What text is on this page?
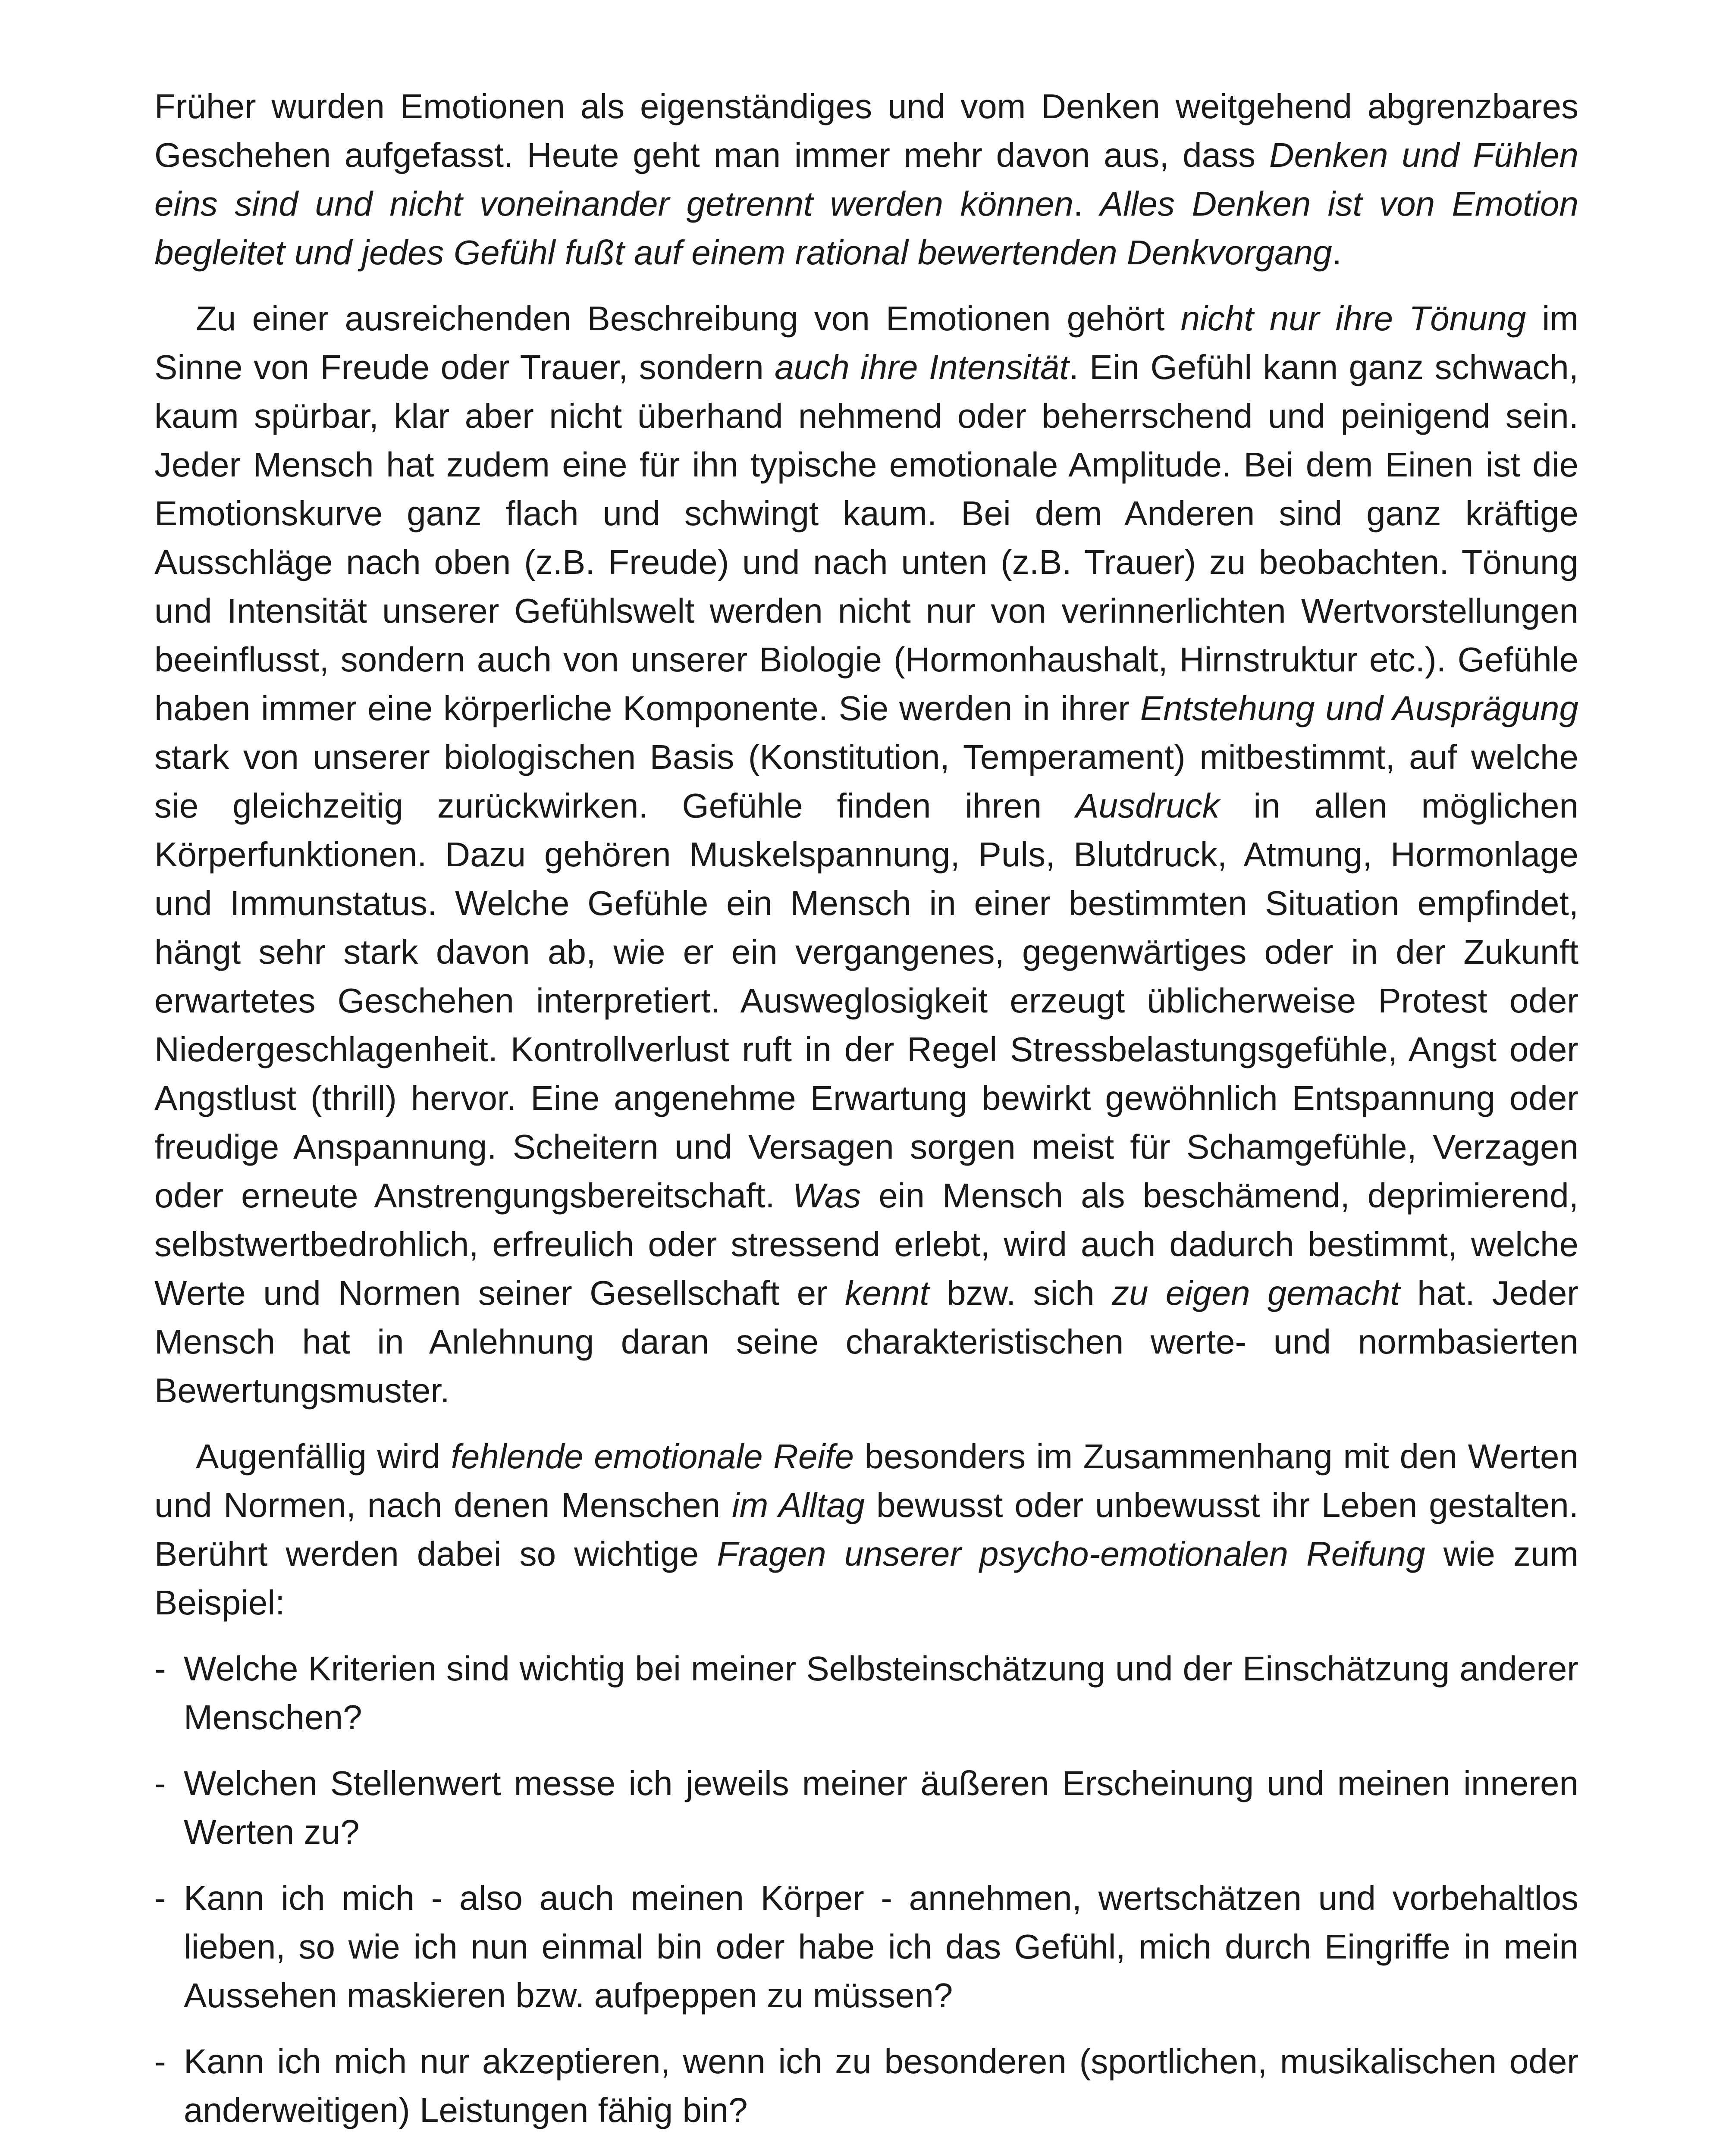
Früher wurden Emotionen als eigenständiges und vom Denken weitgehend abgrenzbares Geschehen aufgefasst. Heute geht man immer mehr davon aus, dass Denken und Fühlen eins sind und nicht voneinander getrennt werden können. Alles Denken ist von Emotion begleitet und jedes Gefühl fußt auf einem rational bewertenden Denkvorgang.

Zu einer ausreichenden Beschreibung von Emotionen gehört nicht nur ihre Tönung im Sinne von Freude oder Trauer, sondern auch ihre Intensität. Ein Gefühl kann ganz schwach, kaum spürbar, klar aber nicht überhand nehmend oder beherrschend und peinigend sein. Jeder Mensch hat zudem eine für ihn typische emotionale Amplitude. Bei dem Einen ist die Emotionskurve ganz flach und schwingt kaum. Bei dem Anderen sind ganz kräftige Ausschläge nach oben (z.B. Freude) und nach unten (z.B. Trauer) zu beobachten. Tönung und Intensität unserer Gefühlswelt werden nicht nur von verinnerlichten Wertvorstellungen beeinflusst, sondern auch von unserer Biologie (Hormonhaushalt, Hirnstruktur etc.). Gefühle haben immer eine körperliche Komponente. Sie werden in ihrer Entstehung und Ausprägung stark von unserer biologischen Basis (Konstitution, Temperament) mitbestimmt, auf welche sie gleichzeitig zurückwirken. Gefühle finden ihren Ausdruck in allen möglichen Körperfunktionen. Dazu gehören Muskelspannung, Puls, Blutdruck, Atmung, Hormonlage und Immunstatus. Welche Gefühle ein Mensch in einer bestimmten Situation empfindet, hängt sehr stark davon ab, wie er ein vergangenes, gegenwärtiges oder in der Zukunft erwartetes Geschehen interpretiert. Ausweglosigkeit erzeugt üblicherweise Protest oder Niedergeschlagenheit. Kontrollverlust ruft in der Regel Stressbelastungsgefühle, Angst oder Angstlust (thrill) hervor. Eine angenehme Erwartung bewirkt gewöhnlich Entspannung oder freudige Anspannung. Scheitern und Versagen sorgen meist für Schamgefühle, Verzagen oder erneute Anstrengungsbereitschaft. Was ein Mensch als beschämend, deprimierend, selbstwertbedrohlich, erfreulich oder stressend erlebt, wird auch dadurch bestimmt, welche Werte und Normen seiner Gesellschaft er kennt bzw. sich zu eigen gemacht hat. Jeder Mensch hat in Anlehnung daran seine charakteristischen werte- und normbasierten Bewertungsmuster.

Augenfällig wird fehlende emotionale Reife besonders im Zusammenhang mit den Werten und Normen, nach denen Menschen im Alltag bewusst oder unbewusst ihr Leben gestalten. Berührt werden dabei so wichtige Fragen unserer psycho-emotionalen Reifung wie zum Beispiel:

- Welche Kriterien sind wichtig bei meiner Selbsteinschätzung und der Einschätzung anderer Menschen?
- Welchen Stellenwert messe ich jeweils meiner äußeren Erscheinung und meinen inneren Werten zu?
- Kann ich mich - also auch meinen Körper - annehmen, wertschätzen und vorbehaltlos lieben, so wie ich nun einmal bin oder habe ich das Gefühl, mich durch Eingriffe in mein Aussehen maskieren bzw. aufpeppen zu müssen?
- Kann ich mich nur akzeptieren, wenn ich zu besonderen (sportlichen, musikalischen oder anderweitigen) Leistungen fähig bin?
